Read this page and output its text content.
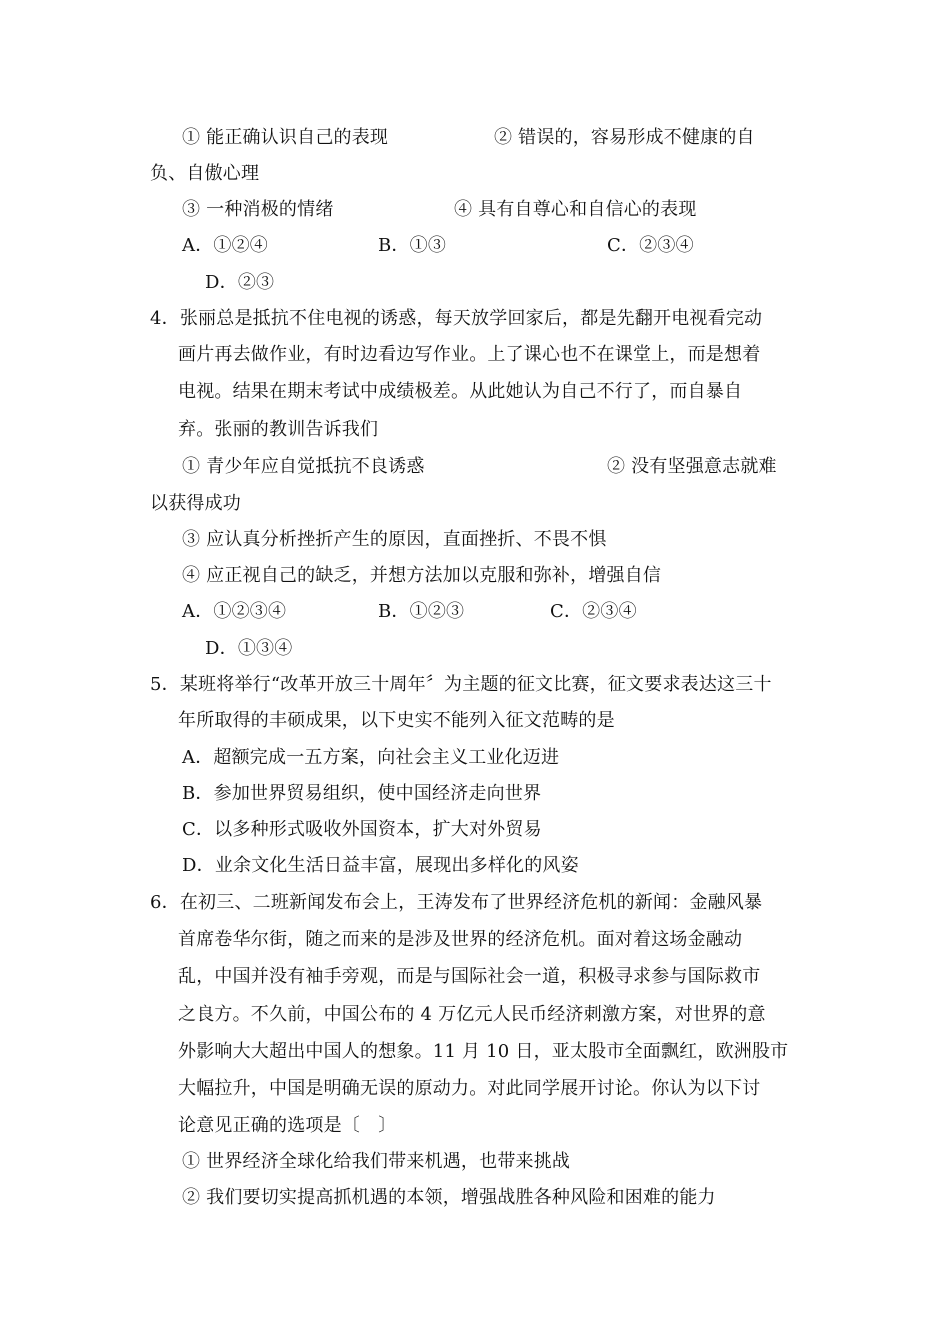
① 能正确认识自己的表现	② 错误的，容易形成不健康的自
负、自傲心理
③ 一种消极的情绪	④ 具有自尊心和自信心的表现
A．①②④	B．①③	C．②③④
D．②③
4．张丽总是抵抗不住电视的诱惑，每天放学回家后，都是先翻开电视看完动
画片再去做作业，有时边看边写作业。上了课心也不在课堂上，而是想着
电视。结果在期末考试中成绩极差。从此她认为自己不行了，而自暴自
弃。张丽的教训告诉我们
① 青少年应自觉抵抗不良诱惑	② 没有坚强意志就难
以获得成功
③ 应认真分析挫折产生的原因，直面挫折、不畏不惧
④ 应正视自己的缺乏，并想方法加以克服和弥补，增强自信
A．①②③④	B．①②③	C．②③④
D．①③④
5．某班将举行“改革开放三十周年〞为主题的征文比赛，征文要求表达这三十
年所取得的丰硕成果，以下史实不能列入征文范畴的是
A．超额完成一五方案，向社会主义工业化迈进
B．参加世界贸易组织，使中国经济走向世界
C．以多种形式吸收外国资本，扩大对外贸易
D．业余文化生活日益丰富，展现出多样化的风姿
6．在初三、二班新闻发布会上，王涛发布了世界经济危机的新闻：金融风暴
首席卷华尔街，随之而来的是涉及世界的经济危机。面对着这场金融动
乱，中国并没有袖手旁观，而是与国际社会一道，积极寻求参与国际救市
之良方。不久前，中国公布的 4 万亿元人民币经济刺激方案，对世界的意
外影响大大超出中国人的想象。11 月 10 日，亚太股市全面飘红，欧洲股市
大幅拉升，中国是明确无误的原动力。对此同学展开讨论。你认为以下讨
论意见正确的选项是〔　〕
① 世界经济全球化给我们带来机遇，也带来挑战
② 我们要切实提高抓机遇的本领，增强战胜各种风险和困难的能力
